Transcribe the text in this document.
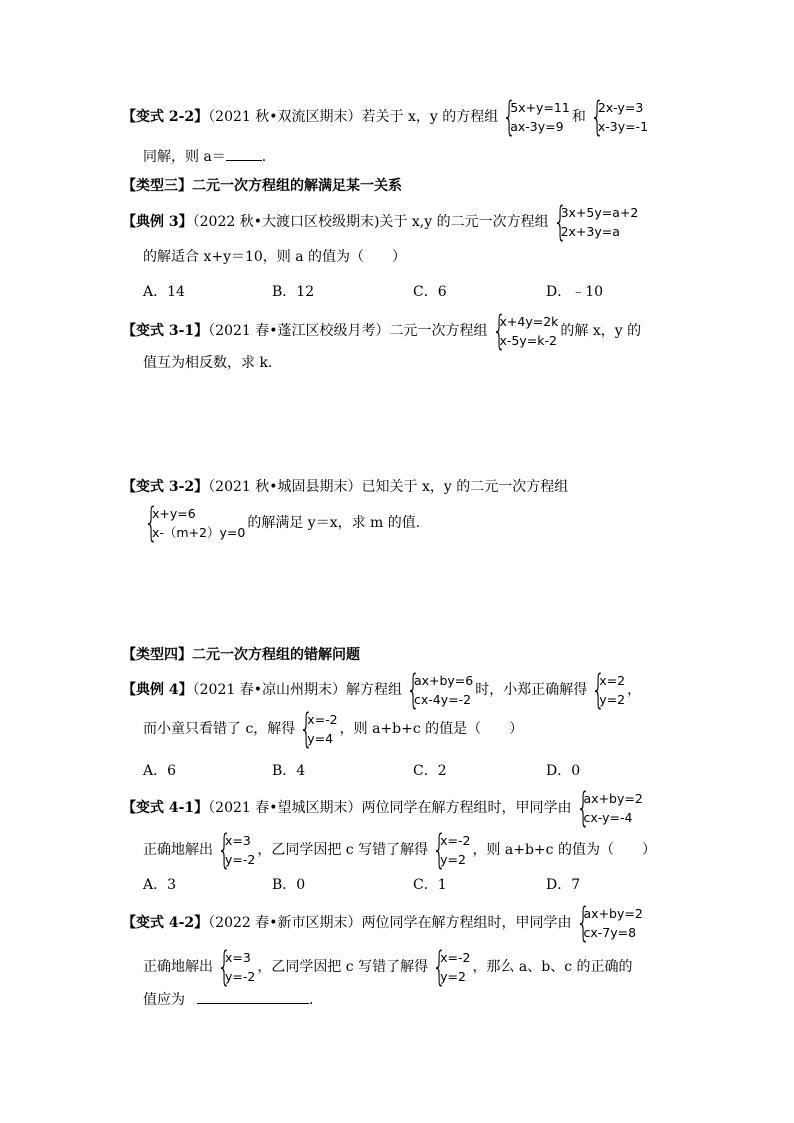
【变式 2-2】（2021 秋•双流区期末）若关于 x，y 的方程组 {
5x+y=11
ax-3y=9
和 {
2x-y=3
x-3y=-1
同解，则 a＝	．
【类型三】二元一次方程组的解满足某一关系
【典例 3】（2022 秋•大渡口区校级期末)关于 x,y 的二元一次方程组 {
3x+5y=a+2
2x+3y=a
的解适合 x+y＝10，则 a 的值为（　　）
A．14	B．12	C．6	D．﹣10
【变式 3-1】（2021 春•蓬江区校级月考）二元一次方程组 {
x+4y=2k
x-5y=k-2
的解 x，y 的
值互为相反数，求 k.
【变式 3-2】（2021 秋•城固县期末）已知关于 x，y 的二元一次方程组
{
x+y=6
x-（m+2）y=0
的解满足 y＝x，求 m 的值.
【类型四】二元一次方程组的错解问题
【典例 4】（2021 春•凉山州期末）解方程组 {
ax+by=6
cx-4y=-2
时，小郑正确解得 {
x=2
y=2
，
而小童只看错了 c，解得 {
x=-2
y=4
，则 a+b+c 的值是（　　）
A．6	B．4	C．2	D．0
【变式 4-1】（2021 春•望城区期末）两位同学在解方程组时，甲同学由 {
ax+by=2
cx-y=-4
正确地解出 {
x=3
y=-2
，乙同学因把 c 写错了解得 {
x=-2
y=2
，则 a+b+c 的值为（　　）
A．3	B．0	C．1	D．7
【变式 4-2】（2022 春•新市区期末）两位同学在解方程组时，甲同学由 {
ax+by=2
cx-7y=8
正确地解出 {
x=3
y=-2
，乙同学因把 c 写错了解得 {
x=-2
y=2
，那么 a、b、c 的正确的
值应为	．
